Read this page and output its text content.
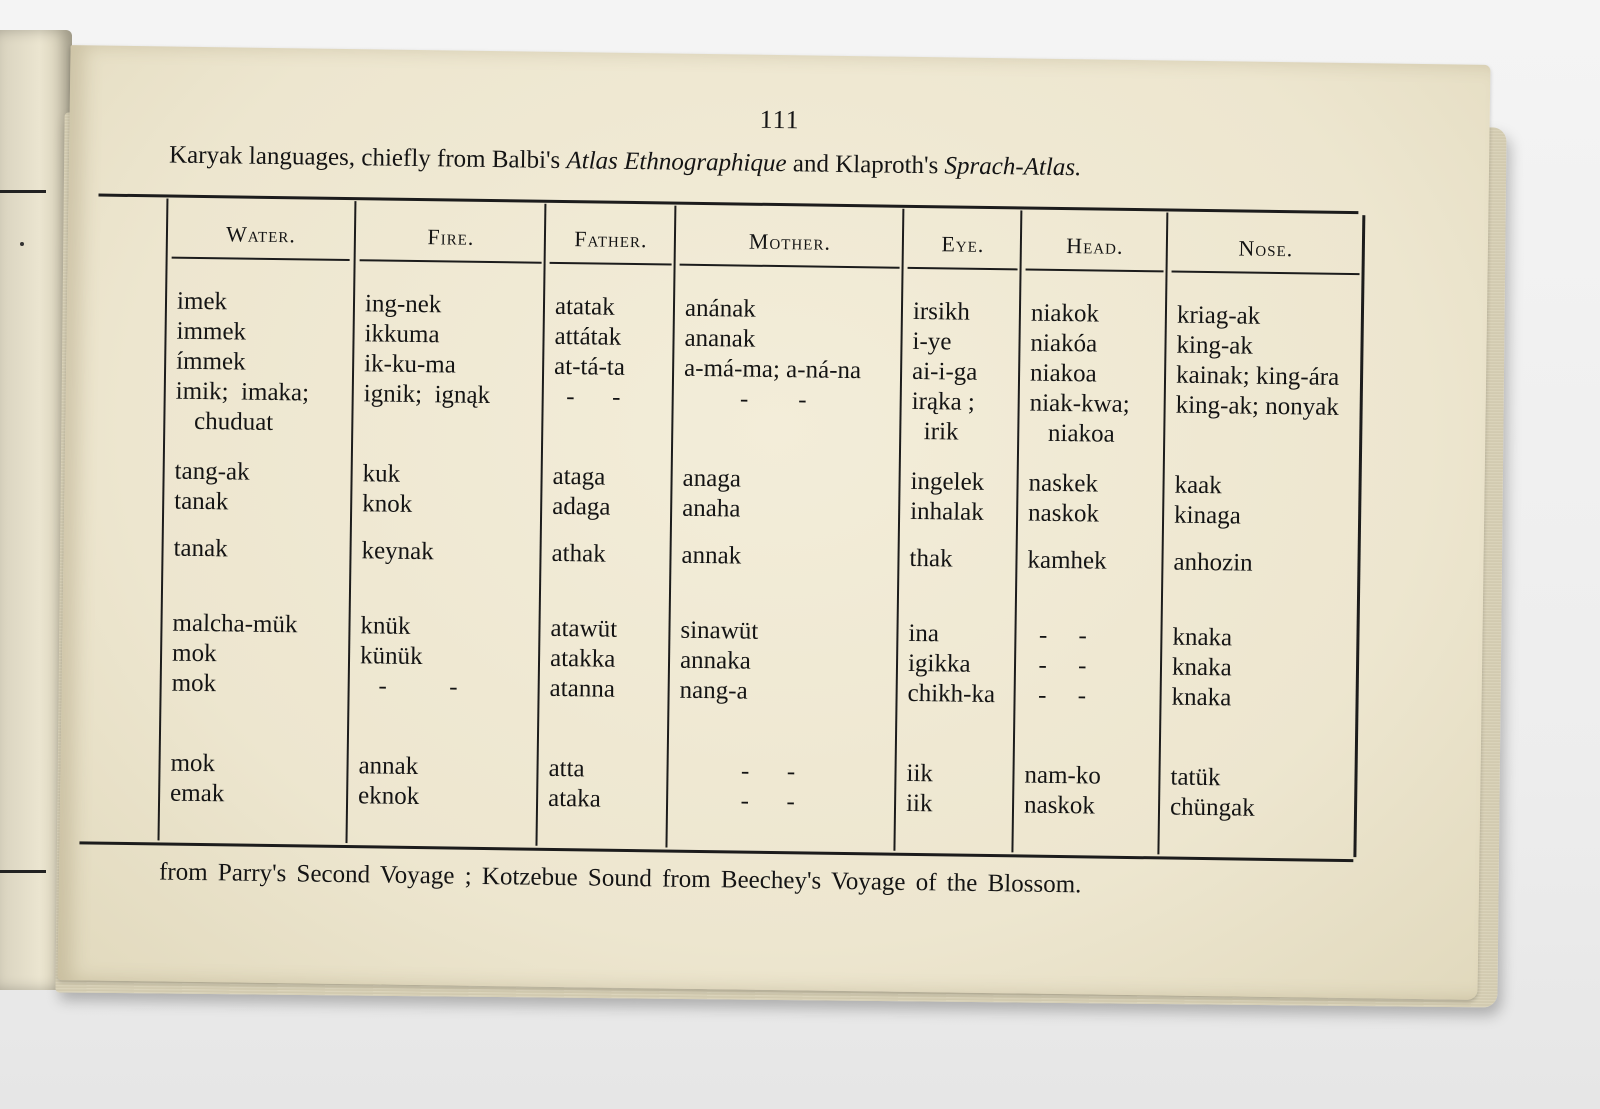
111
Karyak languages, chiefly from Balbi's Atlas Ethnographique and Klaproth's Sprach-Atlas.
Water.
imek
immek
ímmek
imik;  imaka;
chuduat
tang-ak
tanak
tanak
malcha-mük
mok
mok
mok
emak
Fire.
ing-nek
ikkuma
ik-ku-ma
ignik;  ignąk
kuk
knok
keynak
knük
künük
-          -
annak
eknok
Father.
atatak
attátak
at-tá-ta
-      -
ataga
adaga
athak
atawüt
atakka
atanna
atta
ataka
Mother.
anának
ananak
a-má-ma; a-ná-na
-        -
anaga
anaha
annak
sinawüt
annaka
nang-a
-      -
-      -
Eye.
irsikh
i-ye
ai-i-ga
irąka ;
irik
ingelek
inhalak
thak
ina
igikka
chikh-ka
iik
iik
Head.
niakok
niakóa
niakoa
niak-kwa;
niakoa
naskek
naskok
kamhek
-     -
-     -
-     -
nam-ko
naskok
Nose.
kriag-ak
king-ak
kainak; king-ára
king-ak; nonyak
kaak
kinaga
anhozin
knaka
knaka
knaka
tatük
chüngak
from Parry's Second Voyage ; Kotzebue Sound from Beechey's Voyage of the Blossom.
